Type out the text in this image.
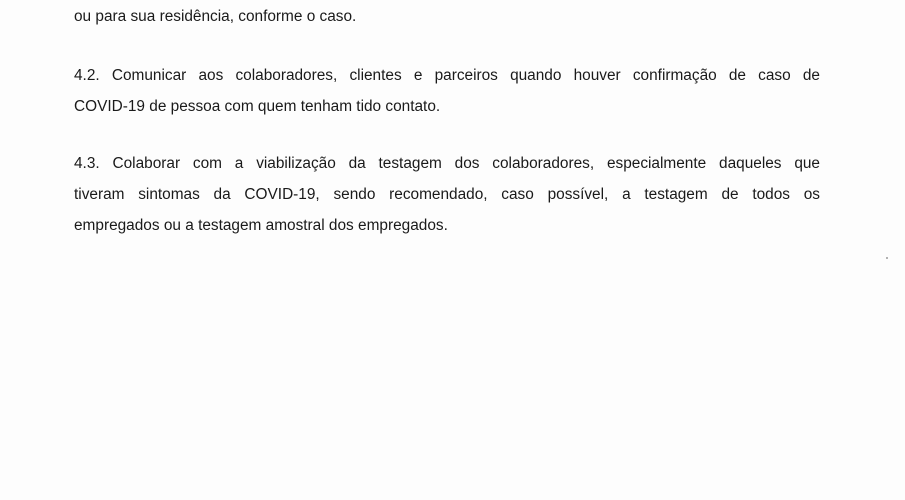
ou para sua residência, conforme o caso.

4.2. Comunicar aos colaboradores, clientes e parceiros quando houver confirmação de caso de
COVID-19 de pessoa com quem tenham tido contato.

4.3. Colaborar com a viabilização da testagem dos colaboradores, especialmente daqueles que
tiveram sintomas da COVID-19, sendo recomendado, caso possível, a testagem de todos os
empregados ou a testagem amostral dos empregados.
